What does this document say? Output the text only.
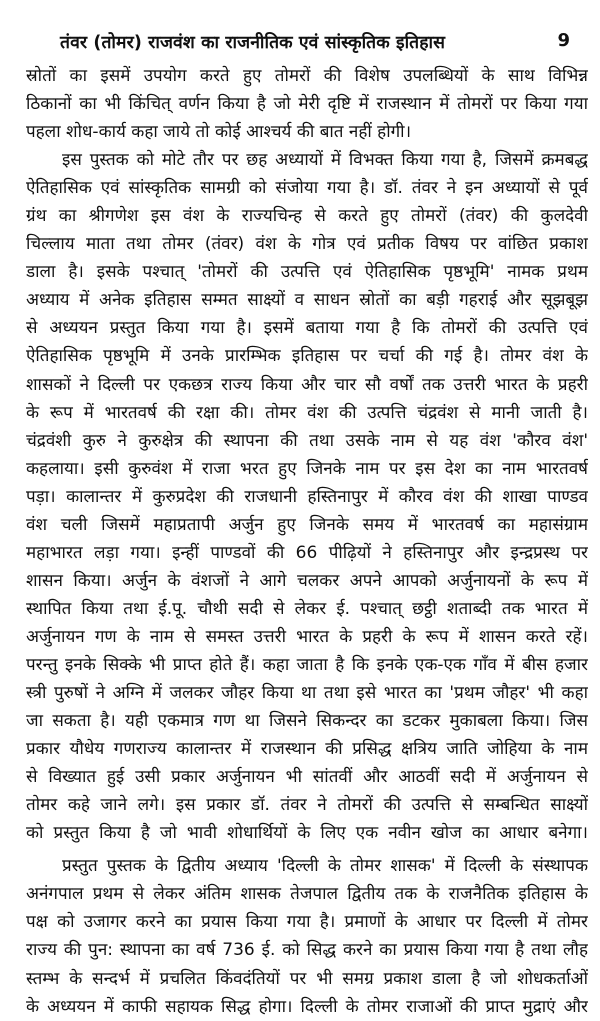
तंवर (तोमर) राजवंश का राजनीतिक एवं सांस्कृतिक इतिहास	9
स्रोतों का इसमें उपयोग करते हुए तोमरों की विशेष उपलब्धियों के साथ विभिन्न
ठिकानों का भी किंचित् वर्णन किया है जो मेरी दृष्टि में राजस्थान में तोमरों पर किया गया
पहला शोध-कार्य कहा जाये तो कोई आश्चर्य की बात नहीं होगी।
इस पुस्तक को मोटे तौर पर छह अध्यायों में विभक्त किया गया है, जिसमें क्रमबद्ध
ऐतिहासिक एवं सांस्कृतिक सामग्री को संजोया गया है। डॉ. तंवर ने इन अध्यायों से पूर्व
ग्रंथ का श्रीगणेश इस वंश के राज्यचिन्ह से करते हुए तोमरों (तंवर) की कुलदेवी
चिल्लाय माता तथा तोमर (तंवर) वंश के गोत्र एवं प्रतीक विषय पर वांछित प्रकाश
डाला है। इसके पश्चात् 'तोमरों की उत्पत्ति एवं ऐतिहासिक पृष्ठभूमि' नामक प्रथम
अध्याय में अनेक इतिहास सम्मत साक्ष्यों व साधन स्रोतों का बड़ी गहराई और सूझबूझ
से अध्ययन प्रस्तुत किया गया है। इसमें बताया गया है कि तोमरों की उत्पत्ति एवं
ऐतिहासिक पृष्ठभूमि में उनके प्रारम्भिक इतिहास पर चर्चा की गई है। तोमर वंश के
शासकों ने दिल्ली पर एकछत्र राज्य किया और चार सौ वर्षों तक उत्तरी भारत के प्रहरी
के रूप में भारतवर्ष की रक्षा की। तोमर वंश की उत्पत्ति चंद्रवंश से मानी जाती है।
चंद्रवंशी कुरु ने कुरुक्षेत्र की स्थापना की तथा उसके नाम से यह वंश 'कौरव वंश'
कहलाया। इसी कुरुवंश में राजा भरत हुए जिनके नाम पर इस देश का नाम भारतवर्ष
पड़ा। कालान्तर में कुरुप्रदेश की राजधानी हस्तिनापुर में कौरव वंश की शाखा पाण्डव
वंश चली जिसमें महाप्रतापी अर्जुन हुए जिनके समय में भारतवर्ष का महासंग्राम
महाभारत लड़ा गया। इन्हीं पाण्डवों की 66 पीढ़ियों ने हस्तिनापुर और इन्द्रप्रस्थ पर
शासन किया। अर्जुन के वंशजों ने आगे चलकर अपने आपको अर्जुनायनों के रूप में
स्थापित किया तथा ई.पू. चौथी सदी से लेकर ई. पश्चात् छट्ठी शताब्दी तक भारत में
अर्जुनायन गण के नाम से समस्त उत्तरी भारत के प्रहरी के रूप में शासन करते रहें।
परन्तु इनके सिक्के भी प्राप्त होते हैं। कहा जाता है कि इनके एक-एक गाँव में बीस हजार
स्त्री पुरुषों ने अग्नि में जलकर जौहर किया था तथा इसे भारत का 'प्रथम जौहर' भी कहा
जा सकता है। यही एकमात्र गण था जिसने सिकन्दर का डटकर मुकाबला किया। जिस
प्रकार यौधेय गणराज्य कालान्तर में राजस्थान की प्रसिद्ध क्षत्रिय जाति जोहिया के नाम
से विख्यात हुई उसी प्रकार अर्जुनायन भी सांतवीं और आठवीं सदी में अर्जुनायन से
तोमर कहे जाने लगे। इस प्रकार डॉ. तंवर ने तोमरों की उत्पत्ति से सम्बन्धित साक्ष्यों
को प्रस्तुत किया है जो भावी शोधार्थियों के लिए एक नवीन खोज का आधार बनेगा।
प्रस्तुत पुस्तक के द्वितीय अध्याय 'दिल्ली के तोमर शासक' में दिल्ली के संस्थापक
अनंगपाल प्रथम से लेकर अंतिम शासक तेजपाल द्वितीय तक के राजनैतिक इतिहास के
पक्ष को उजागर करने का प्रयास किया गया है। प्रमाणों के आधार पर दिल्ली में तोमर
राज्य की पुन: स्थापना का वर्ष 736 ई. को सिद्ध करने का प्रयास किया गया है तथा लौह
स्तम्भ के सन्दर्भ में प्रचलित किंवदंतियों पर भी समग्र प्रकाश डाला है जो शोधकर्ताओं
के अध्ययन में काफी सहायक सिद्ध होगा। दिल्ली के तोमर राजाओं की प्राप्त मुद्राएं और
